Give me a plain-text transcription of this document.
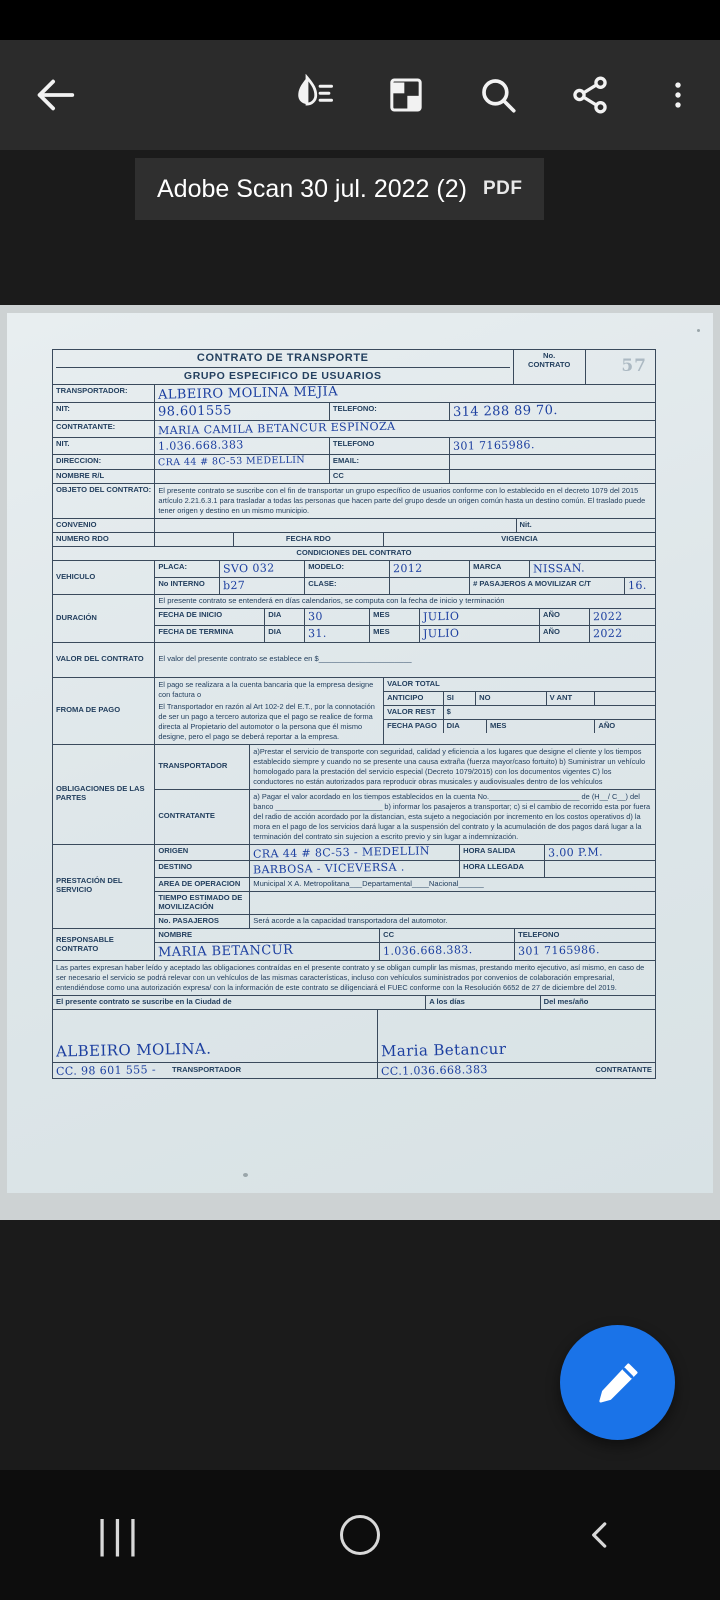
Adobe Scan 30 jul. 2022 (2) PDF
57
CONTRATO DE TRANSPORTE
GRUPO ESPECIFICO DE USUARIOS
No.
CONTRATO
TRANSPORTADOR:	ALBEIRO MOLINA MEJIA
NIT:	98.601555	TELEFONO:	314 288 89 70.
CONTRATANTE:	MARIA CAMILA BETANCUR ESPINOZA
NIT.	1.036.668.383	TELEFONO	301 7165986.
DIRECCION:	CRA 44 # 8C-53 MEDELLIN	EMAIL:
NOMBRE R/L	CC
OBJETO DEL CONTRATO: El presente contrato se suscribe con el fin de transportar un grupo específico de usuarios conforme con lo establecido en el decreto 1079 del 2015 artículo 2.21.6.3.1 para trasladar a todas las personas que hacen parte del grupo desde un origen común hasta un destino común. El traslado puede tener origen y destino en un mismo municipio.
CONVENIO	Nit.
NUMERO RDO	FECHA RDO	VIGENCIA
CONDICIONES DEL CONTRATO
VEHICULO
PLACA:	SVO 032	MODELO:	2012	MARCA	NISSAN.
No INTERNO	b27	CLASE:	# PASAJEROS A MOVILIZAR C/T	16.
DURACIÓN
El presente contrato se entenderá en días calendarios, se computa con la fecha de inicio y terminación
FECHA DE INICIO	DIA	30	MES	JULIO	AÑO	2022
FECHA DE TERMINA	DIA	31.	MES	JULIO	AÑO	2022
VALOR DEL CONTRATO El valor del presente contrato se establece en $______________________
FROMA DE PAGO
El pago se realizara a la cuenta bancaria que la empresa designe con factura o
El Transportador en razón al Art 102-2 del E.T., por la connotación de ser un pago a tercero autoriza que el pago se realice de forma directa al Propietario del automotor o la persona que él mismo designe, pero el pago se deberá reportar a la empresa.
VALOR TOTAL
ANTICIPO	SI	NO	V ANT
VALOR REST	$
FECHA PAGO	DIA	MES	AÑO
OBLIGACIONES DE LAS PARTES
TRANSPORTADOR
a)Prestar el servicio de transporte con seguridad, calidad y eficiencia a los lugares que designe el cliente y los tiempos establecido siempre y cuando no se presente una causa extraña (fuerza mayor/caso fortuito) b) Suministrar un vehículo homologado para la prestación del servicio especial (Decreto 1079/2015) con los documentos vigentes C) los conductores no están autorizados para reproducir obras musicales y audiovisuales dentro de los vehículos
CONTRATANTE
a) Pagar el valor acordado en los tiempos establecidos en la cuenta No.______________________ de (H__/ C__) del banco __________________________ b) informar los pasajeros a transportar; c) si el cambio de recorrido esta por fuera del radio de acción acordado por la distancian, esta sujeto a negociación por incremento en los costos operativos d) la mora en el pago de los servicios dará lugar a la suspensión del contrato y la acumulación de dos pagos dará lugar a la terminación del contrato sin sujecion a escrito previo y sin lugar a indemnización.
PRESTACIÓN DEL SERVICIO
ORIGEN	CRA 44 # 8C-53 - MEDELLIN	HORA SALIDA	3.00 P.M.
DESTINO	BARBOSA - VICEVERSA .	HORA LLEGADA
AREA DE OPERACION	Municipal X A. Metropolitana___Departamental____Nacional______
TIEMPO ESTIMADO DE MOVILIZACIÓN
No. PASAJEROS	Será acorde a la capacidad transportadora del automotor.
RESPONSABLE CONTRATO
NOMBRE	CC	TELEFONO
MARIA BETANCUR	1.036.668.383.	301 7165986.
Las partes expresan haber leído y aceptado las obligaciones contraídas en el presente contrato y se obligan cumplir las mismas, prestando merito ejecutivo, así mismo, en caso de ser necesario el servicio se podrá relevar con un vehículos de las mismas características, incluso con vehículos suministrados por convenios de colaboración empresarial, entendiéndose como una autorización expresa/ con la información de este contrato se diligenciará el FUEC conforme con la Resolución 6652 de 27 de diciembre del 2019.
El presente contrato se suscribe en la Ciudad de	A los días	Del mes/año
ALBEIRO MOLINA.	Maria Betancur
CC. 98 601 555 - TRANSPORTADOR	CC.1.036.668.383	CONTRATANTE
|||
